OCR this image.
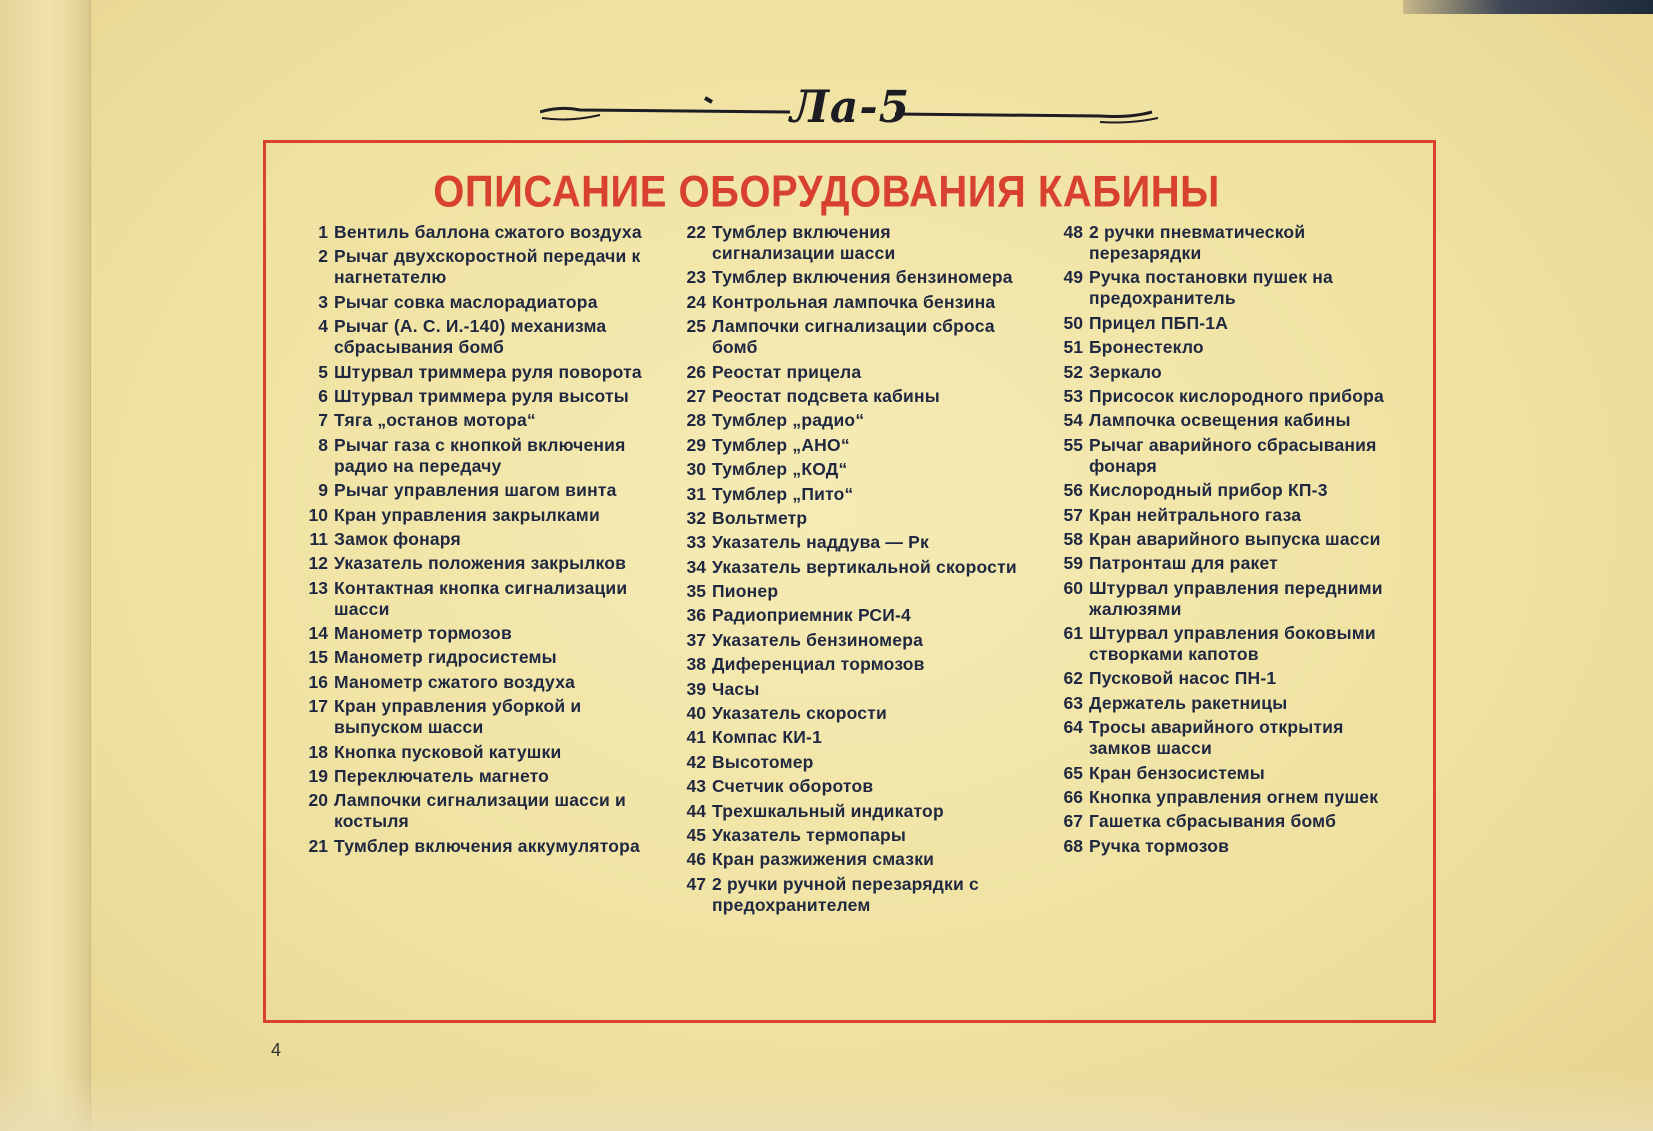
Ла-5
ОПИСАНИЕ ОБОРУДОВАНИЯ КАБИНЫ
1 Вентиль баллона сжатого воздуха
2 Рычаг двухскоростной передачи к нагнетателю
3 Рычаг совка маслорадиатора
4 Рычаг (А. С. И.-140) механизма сбрасывания бомб
5 Штурвал триммера руля поворота
6 Штурвал триммера руля высоты
7 Тяга „останов мотора“
8 Рычаг газа с кнопкой включения радио на передачу
9 Рычаг управления шагом винта
10 Кран управления закрылками
11 Замок фонаря
12 Указатель положения закрылков
13 Контактная кнопка сигнализации шасси
14 Манометр тормозов
15 Манометр гидросистемы
16 Манометр сжатого воздуха
17 Кран управления уборкой и выпуском шасси
18 Кнопка пусковой катушки
19 Переключатель магнето
20 Лампочки сигнализации шасси и костыля
21 Тумблер включения аккумулятора
22 Тумблер включения сигнализации шасси
23 Тумблер включения бензиномера
24 Контрольная лампочка бензина
25 Лампочки сигнализации сброса бомб
26 Реостат прицела
27 Реостат подсвета кабины
28 Тумблер „радио“
29 Тумблер „АНО“
30 Тумблер „КОД“
31 Тумблер „Пито“
32 Вольтметр
33 Указатель наддува — Pк
34 Указатель вертикальной скорости
35 Пионер
36 Радиоприемник РСИ-4
37 Указатель бензиномера
38 Диференциал тормозов
39 Часы
40 Указатель скорости
41 Компас КИ-1
42 Высотомер
43 Счетчик оборотов
44 Трехшкальный индикатор
45 Указатель термопары
46 Кран разжижения смазки
47 2 ручки ручной перезарядки с предохранителем
48 2 ручки пневматической перезарядки
49 Ручка постановки пушек на предохранитель
50 Прицел ПБП-1А
51 Бронестекло
52 Зеркало
53 Присосок кислородного прибора
54 Лампочка освещения кабины
55 Рычаг аварийного сбрасывания фонаря
56 Кислородный прибор КП-3
57 Кран нейтрального газа
58 Кран аварийного выпуска шасси
59 Патронташ для ракет
60 Штурвал управления передними жалюзями
61 Штурвал управления боковыми створками капотов
62 Пусковой насос ПН-1
63 Держатель ракетницы
64 Тросы аварийного открытия замков шасси
65 Кран бензосистемы
66 Кнопка управления огнем пушек
67 Гашетка сбрасывания бомб
68 Ручка тормозов
4
